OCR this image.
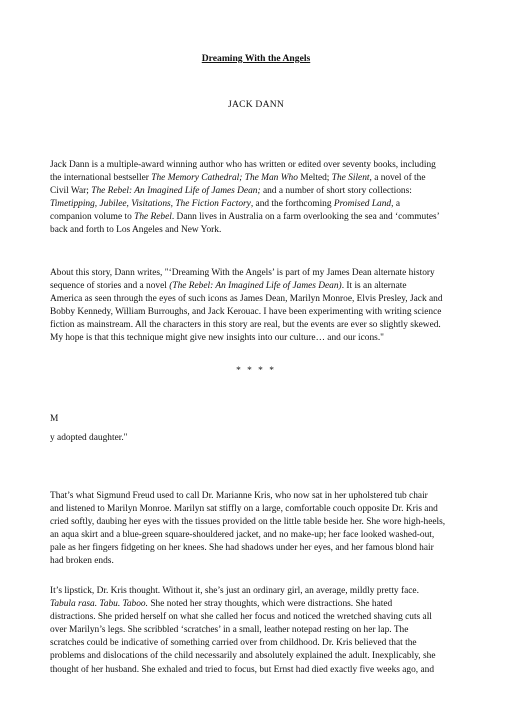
Dreaming With the Angels
JACK DANN
Jack Dann is a multiple-award winning author who has written or edited over seventy books, including
the international bestseller The Memory Cathedral; The Man Who Melted; The Silent, a novel of the
Civil War; The Rebel: An Imagined Life of James Dean; and a number of short story collections:
Timetipping, Jubilee, Visitations, The Fiction Factory, and the forthcoming Promised Land, a
companion volume to The Rebel. Dann lives in Australia on a farm overlooking the sea and ‘commutes’
back and forth to Los Angeles and New York.
About this story, Dann writes, "‘Dreaming With the Angels’ is part of my James Dean alternate history
sequence of stories and a novel (The Rebel: An Imagined Life of James Dean). It is an alternate
America as seen through the eyes of such icons as James Dean, Marilyn Monroe, Elvis Presley, Jack and
Bobby Kennedy, William Burroughs, and Jack Kerouac. I have been experimenting with writing science
fiction as mainstream. All the characters in this story are real, but the events are ever so slightly skewed.
My hope is that this technique might give new insights into our culture… and our icons."
* * * *
M
y adopted daughter."
That’s what Sigmund Freud used to call Dr. Marianne Kris, who now sat in her upholstered tub chair
and listened to Marilyn Monroe. Marilyn sat stiffly on a large, comfortable couch opposite Dr. Kris and
cried softly, daubing her eyes with the tissues provided on the little table beside her. She wore high-heels,
an aqua skirt and a blue-green square-shouldered jacket, and no make-up; her face looked washed-out,
pale as her fingers fidgeting on her knees. She had shadows under her eyes, and her famous blond hair
had broken ends.
It’s lipstick, Dr. Kris thought. Without it, she’s just an ordinary girl, an average, mildly pretty face.
Tabula rasa. Tabu. Taboo. She noted her stray thoughts, which were distractions. She hated
distractions. She prided herself on what she called her focus and noticed the wretched shaving cuts all
over Marilyn’s legs. She scribbled ‘scratches’ in a small, leather notepad resting on her lap. The
scratches could be indicative of something carried over from childhood. Dr. Kris believed that the
problems and dislocations of the child necessarily and absolutely explained the adult. Inexplicably, she
thought of her husband. She exhaled and tried to focus, but Ernst had died exactly five weeks ago, and
